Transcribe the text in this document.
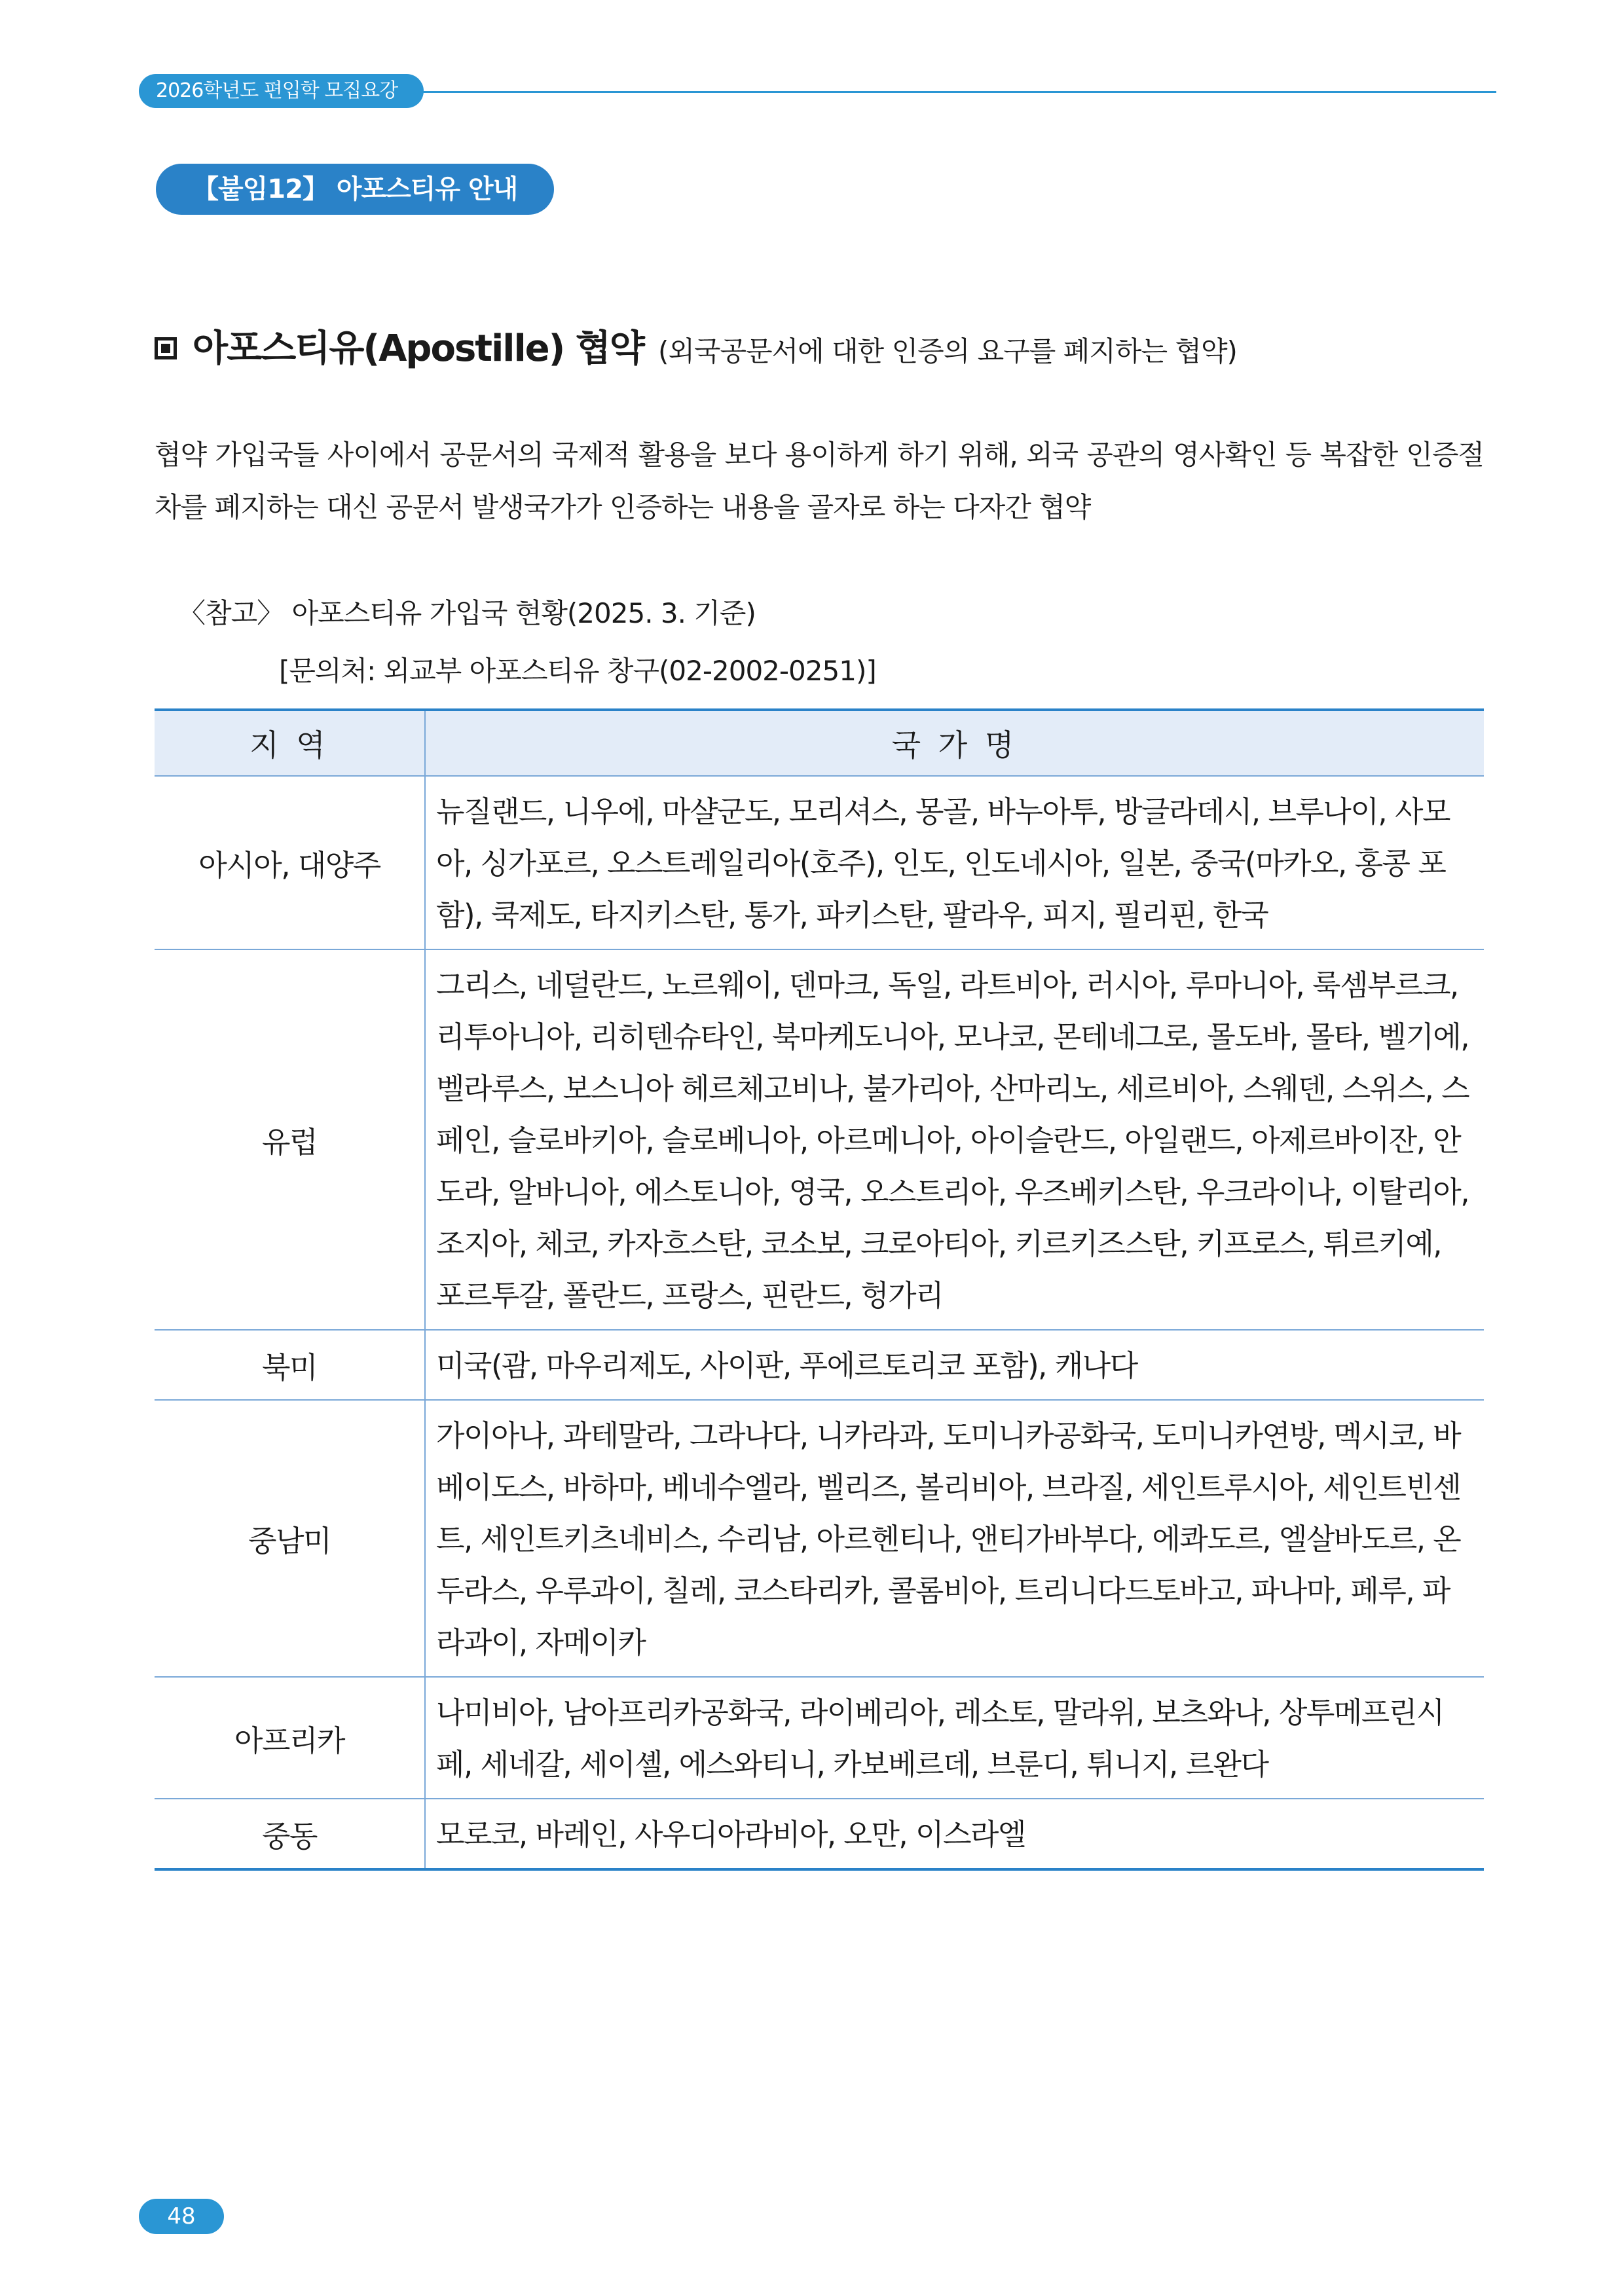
2026학년도 편입학 모집요강
【붙임12】 아포스티유 안내
아포스티유(Apostille) 협약 (외국공문서에 대한 인증의 요구를 폐지하는 협약)
협약 가입국들 사이에서 공문서의 국제적 활용을 보다 용이하게 하기 위해, 외국 공관의 영사확인 등 복잡한 인증절차를 폐지하는 대신 공문서 발생국가가 인증하는 내용을 골자로 하는 다자간 협약
〈참고〉 아포스티유 가입국 현황(2025. 3. 기준)
[문의처: 외교부 아포스티유 창구(02-2002-0251)]
지 역	국 가 명
아시아, 대양주	뉴질랜드, 니우에, 마샬군도, 모리셔스, 몽골, 바누아투, 방글라데시, 브루나이, 사모아, 싱가포르, 오스트레일리아(호주), 인도, 인도네시아, 일본, 중국(마카오, 홍콩 포함), 쿡제도, 타지키스탄, 통가, 파키스탄, 팔라우, 피지, 필리핀, 한국
유럽	그리스, 네덜란드, 노르웨이, 덴마크, 독일, 라트비아, 러시아, 루마니아, 룩셈부르크, 리투아니아, 리히텐슈타인, 북마케도니아, 모나코, 몬테네그로, 몰도바, 몰타, 벨기에, 벨라루스, 보스니아 헤르체고비나, 불가리아, 산마리노, 세르비아, 스웨덴, 스위스, 스페인, 슬로바키아, 슬로베니아, 아르메니아, 아이슬란드, 아일랜드, 아제르바이잔, 안도라, 알바니아, 에스토니아, 영국, 오스트리아, 우즈베키스탄, 우크라이나, 이탈리아, 조지아, 체코, 카자흐스탄, 코소보, 크로아티아, 키르키즈스탄, 키프로스, 튀르키예, 포르투갈, 폴란드, 프랑스, 핀란드, 헝가리
북미	미국(괌, 마우리제도, 사이판, 푸에르토리코 포함), 캐나다
중남미	가이아나, 과테말라, 그라나다, 니카라과, 도미니카공화국, 도미니카연방, 멕시코, 바베이도스, 바하마, 베네수엘라, 벨리즈, 볼리비아, 브라질, 세인트루시아, 세인트빈센트, 세인트키츠네비스, 수리남, 아르헨티나, 앤티가바부다, 에콰도르, 엘살바도르, 온두라스, 우루과이, 칠레, 코스타리카, 콜롬비아, 트리니다드토바고, 파나마, 페루, 파라과이, 자메이카
아프리카	나미비아, 남아프리카공화국, 라이베리아, 레소토, 말라위, 보츠와나, 상투메프린시페, 세네갈, 세이셸, 에스와티니, 카보베르데, 브룬디, 튀니지, 르완다
중동	모로코, 바레인, 사우디아라비아, 오만, 이스라엘
48
